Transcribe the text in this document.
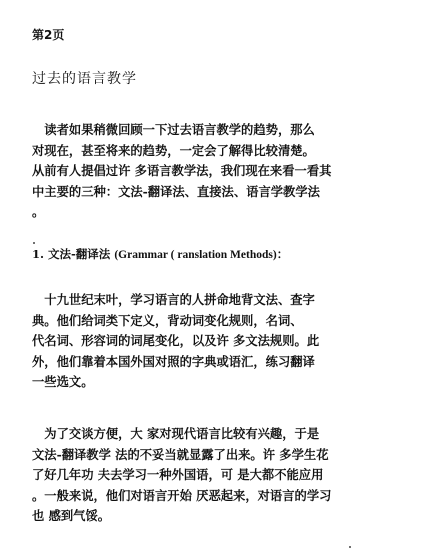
第2页
过去的语言教学
　读者如果稍微回顾一下过去语言教学的趋势，那么
对现在，甚至将来的趋势，一定会了解得比较清楚。
从前有人提倡过许 多语言教学法，我们现在来看一看其
中主要的三种：文法-翻译法、直接法、语言学教学法
。
1. 文法-翻译法 (Grammar ( ranslation Methods)：
　十九世纪末叶，学习语言的人拼命地背文法、查字
典。他们给词类下定义，背动词变化规则，名词、
代名词、形容词的词尾变化，以及许 多文法规则。此
外，他们靠着本国外国对照的字典或语汇，练习翻译
一些选文。
　为了交谈方便，大 家对现代语言比较有兴趣，于是
文法-翻译教学 法的不妥当就显露了出来。许 多学生花
了好几年功 夫去学习一种外国语，可 是大都不能应用
。一般来说，他们对语言开始 厌恶起来，对语言的学习
也 感到气馁。
